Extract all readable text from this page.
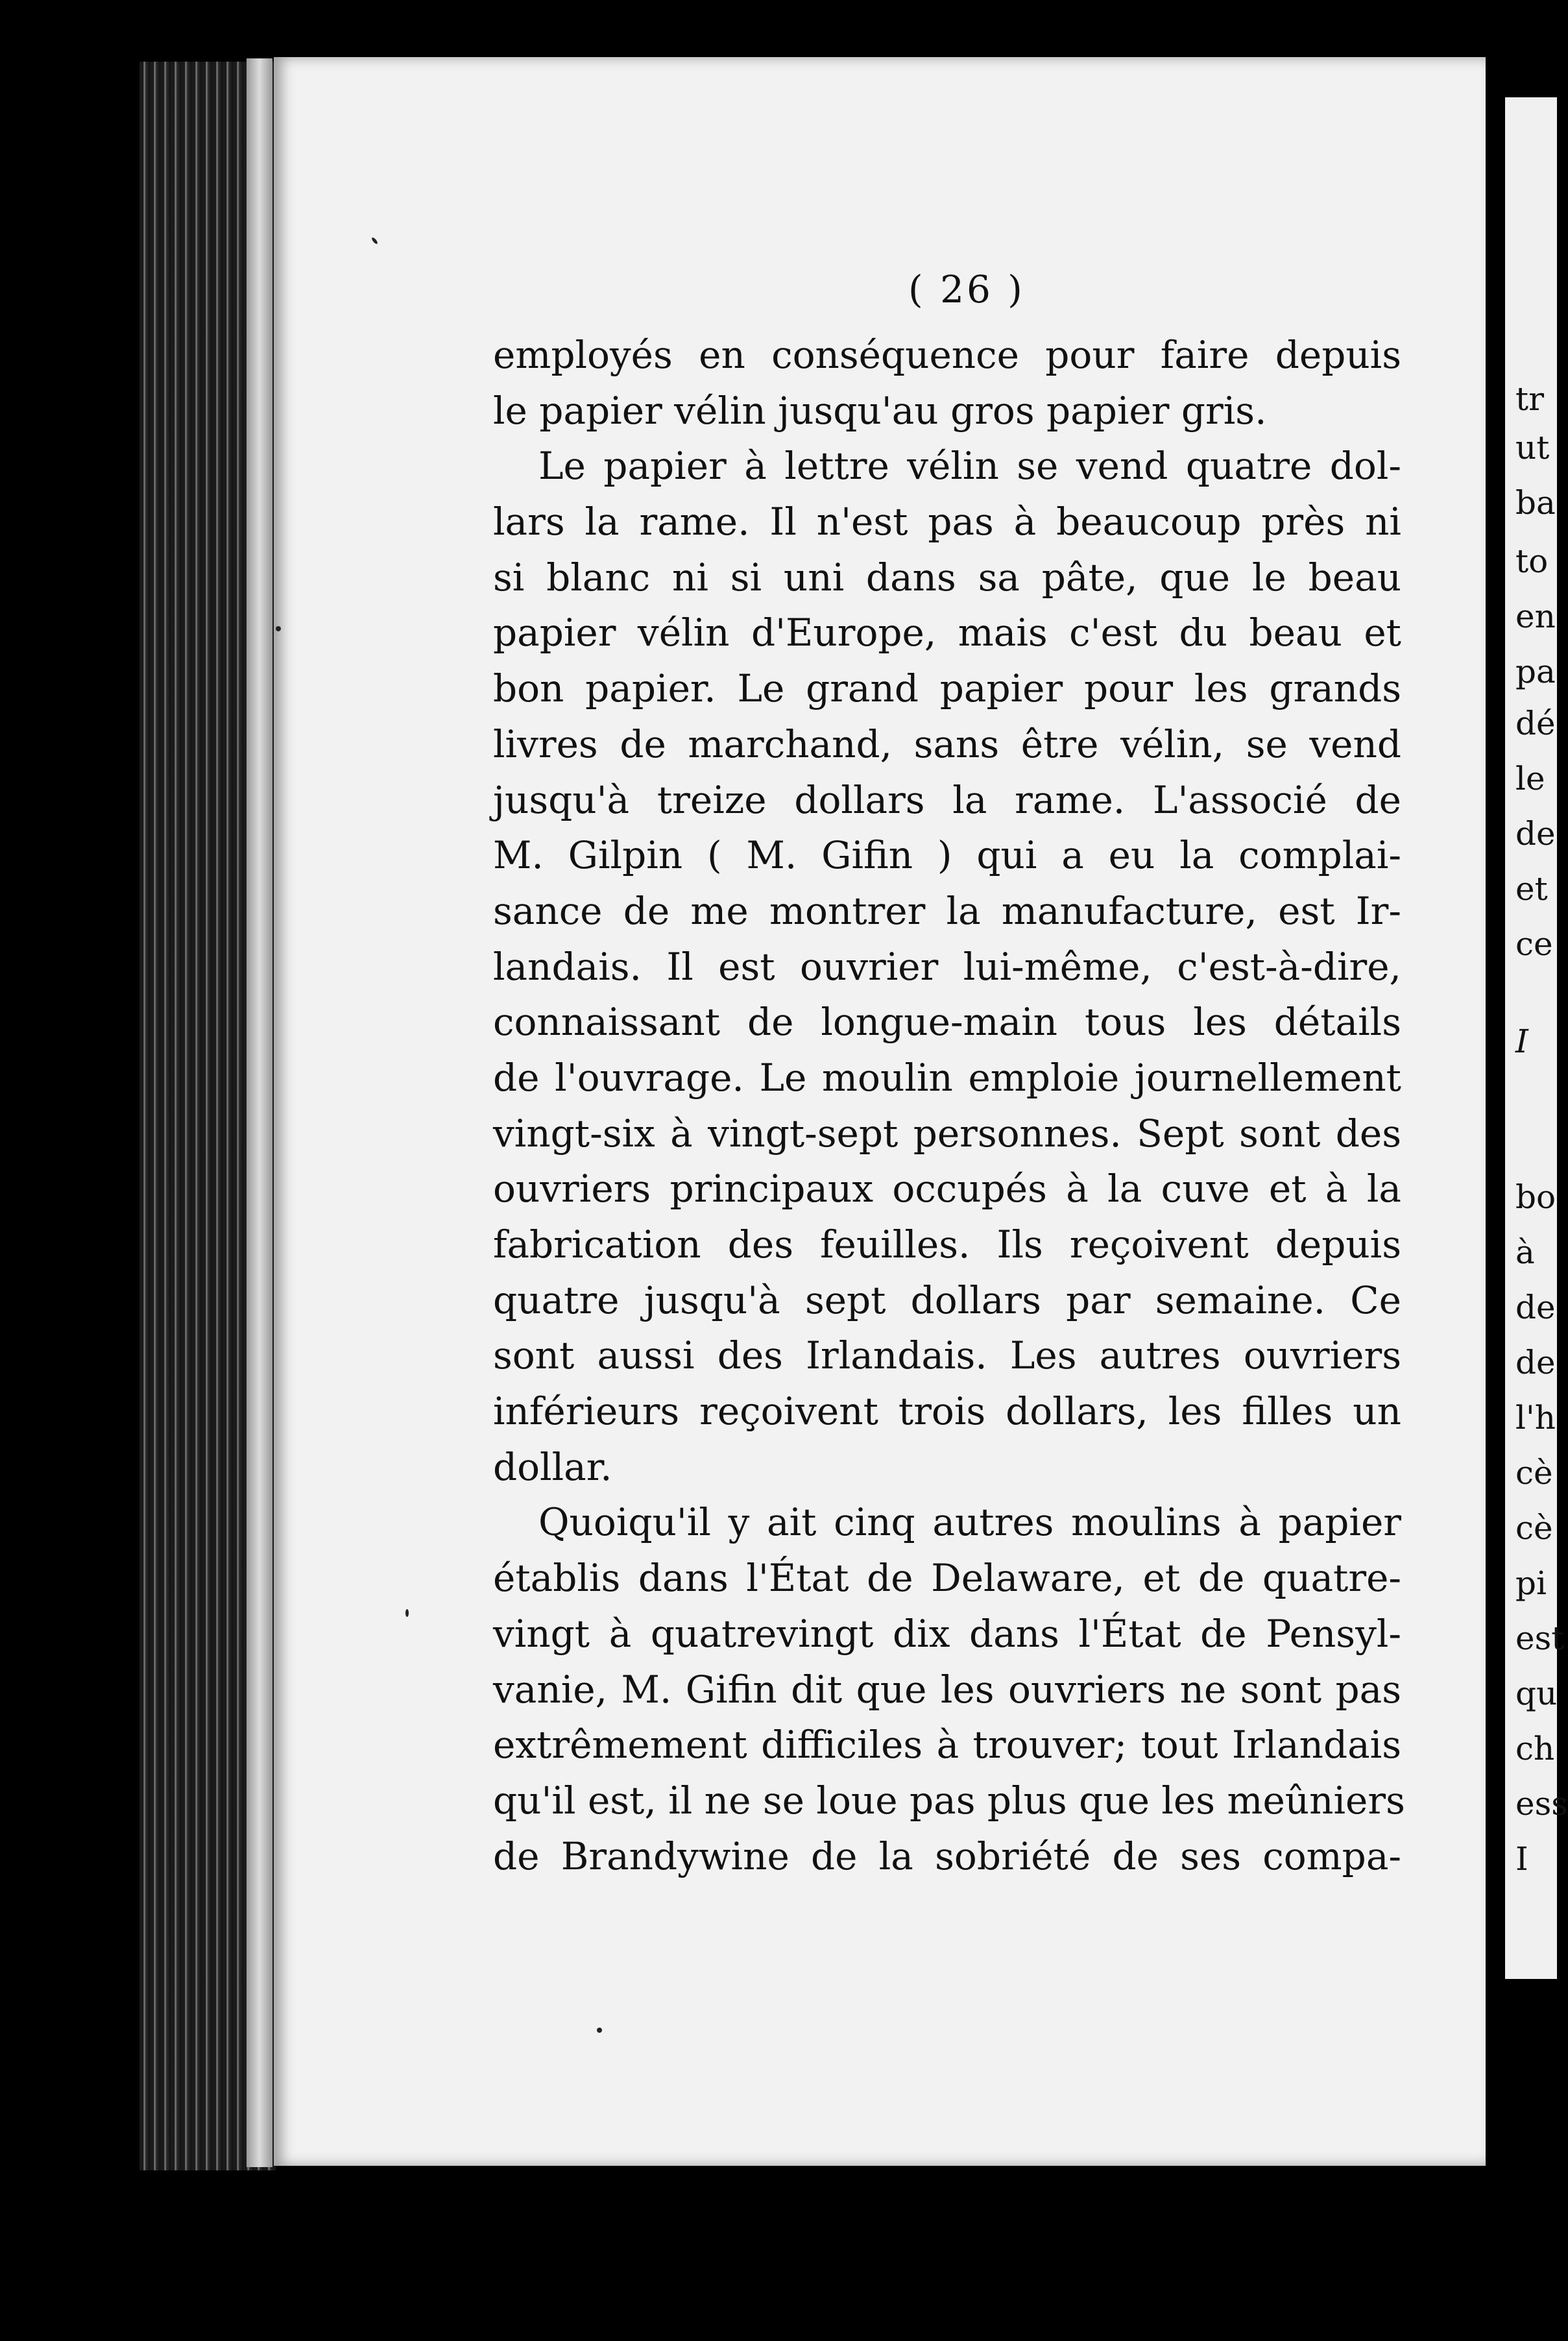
( 26 )
employés en conséquence pour faire depuis
le papier vélin jusqu'au gros papier gris.
Le papier à lettre vélin se vend quatre dol-
lars la rame. Il n'est pas à beaucoup près ni
si blanc ni si uni dans sa pâte, que le beau
papier vélin d'Europe, mais c'est du beau et
bon papier. Le grand papier pour les grands
livres de marchand, sans être vélin, se vend
jusqu'à treize dollars la rame. L'associé de
M. Gilpin ( M. Gifin ) qui a eu la complai-
sance de me montrer la manufacture, est Ir-
landais. Il est ouvrier lui-même, c'est-à-dire,
connaissant de longue-main tous les détails
de l'ouvrage. Le moulin emploie journellement
vingt-six à vingt-sept personnes. Sept sont des
ouvriers principaux occupés à la cuve et à la
fabrication des feuilles. Ils reçoivent depuis
quatre jusqu'à sept dollars par semaine. Ce
sont aussi des Irlandais. Les autres ouvriers
inférieurs reçoivent trois dollars, les filles un
dollar.
Quoiqu'il y ait cinq autres moulins à papier
établis dans l'État de Delaware, et de quatre-
vingt à quatrevingt dix dans l'État de Pensyl-
vanie, M. Gifin dit que les ouvriers ne sont pas
extrêmement difficiles à trouver; tout Irlandais
qu'il est, il ne se loue pas plus que les meûniers
de Brandywine de la sobriété de ses compa-
tr
ut
ba
to
en
pa
dé
le
de
et
ce
I
bo
à
de
de
l'h
cè
cè
pi
est
qu
ch
ess
I
